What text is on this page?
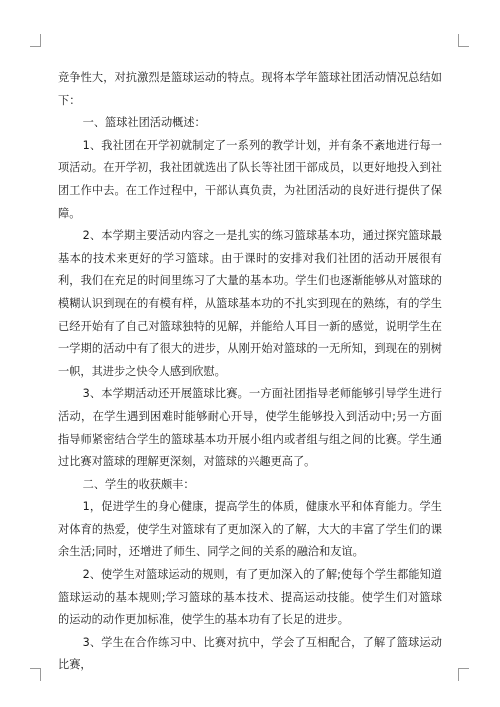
竞争性大，对抗激烈是篮球运动的特点。现将本学年篮球社团活动情况总结如下：

一、篮球社团活动概述：

1、我社团在开学初就制定了一系列的教学计划，并有条不紊地进行每一项活动。在开学初，我社团就选出了队长等社团干部成员，以更好地投入到社团工作中去。在工作过程中，干部认真负责，为社团活动的良好进行提供了保障。

2、本学期主要活动内容之一是扎实的练习篮球基本功，通过探究篮球最基本的技术来更好的学习篮球。由于课时的安排对我们社团的活动开展很有利，我们在充足的时间里练习了大量的基本功。学生们也逐渐能够从对篮球的模糊认识到现在的有模有样，从篮球基本功的不扎实到现在的熟练，有的学生已经开始有了自己对篮球独特的见解，并能给人耳目一新的感觉，说明学生在一学期的活动中有了很大的进步，从刚开始对篮球的一无所知，到现在的别树一帜，其进步之快令人感到欣慰。

3、本学期活动还开展篮球比赛。一方面社团指导老师能够引导学生进行活动，在学生遇到困难时能够耐心开导，使学生能够投入到活动中;另一方面指导师紧密结合学生的篮球基本功开展小组内或者组与组之间的比赛。学生通过比赛对篮球的理解更深刻，对篮球的兴趣更高了。

二、学生的收获颇丰：

1，促进学生的身心健康，提高学生的体质，健康水平和体育能力。学生对体育的热爱，使学生对篮球有了更加深入的了解，大大的丰富了学生们的课余生活;同时，还增进了师生、同学之间的关系的融洽和友谊。

2、使学生对篮球运动的规则，有了更加深入的了解;使每个学生都能知道篮球运动的基本规则;学习篮球的基本技术、提高运动技能。使学生们对篮球的运动的动作更加标准，使学生的基本功有了长足的进步。

3、学生在合作练习中、比赛对抗中，学会了互相配合，了解了篮球运动比赛，
